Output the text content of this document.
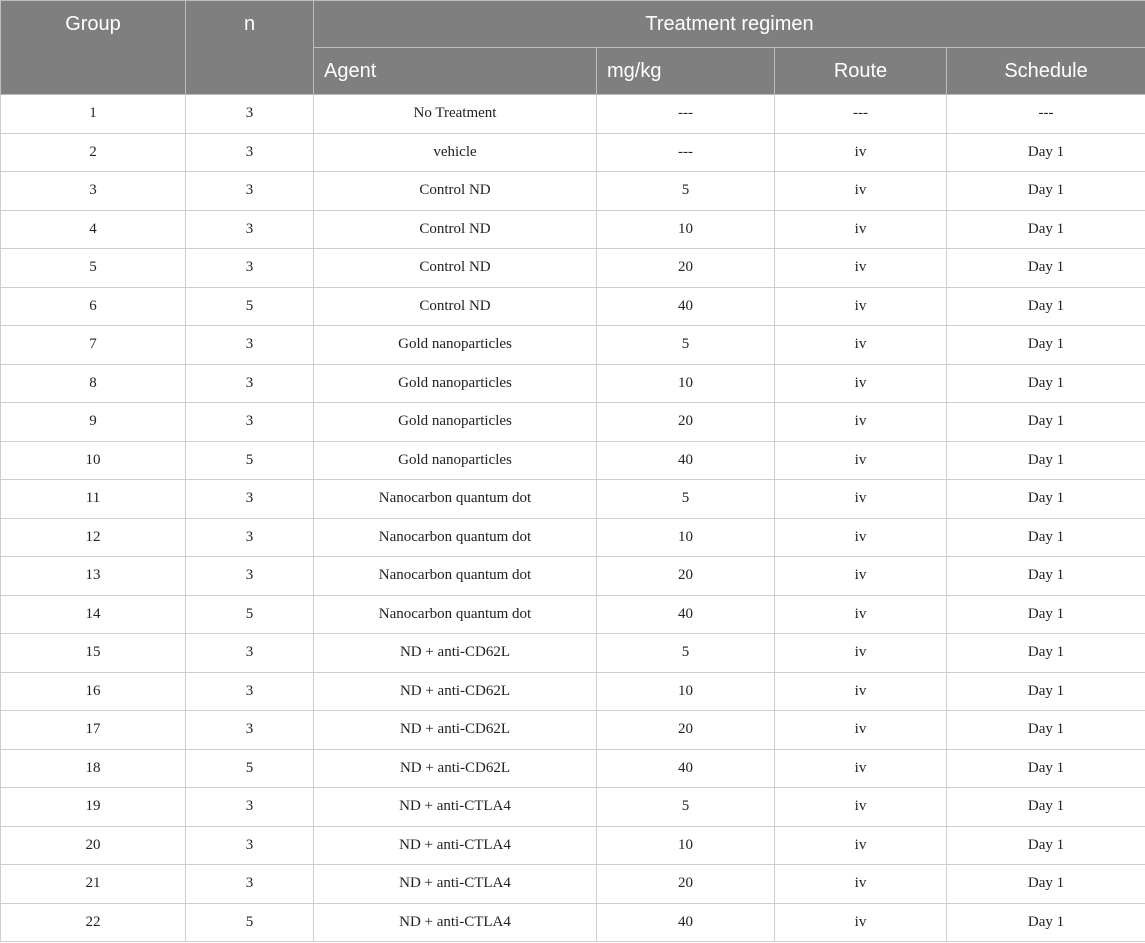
Group	n	Treatment regimen			
		Agent	mg/kg	Route	Schedule
1	3	No Treatment	---	---	---
2	3	vehicle	---	iv	Day 1
3	3	Control ND	5	iv	Day 1
4	3	Control ND	10	iv	Day 1
5	3	Control ND	20	iv	Day 1
6	5	Control ND	40	iv	Day 1
7	3	Gold nanoparticles	5	iv	Day 1
8	3	Gold nanoparticles	10	iv	Day 1
9	3	Gold nanoparticles	20	iv	Day 1
10	5	Gold nanoparticles	40	iv	Day 1
11	3	Nanocarbon quantum dot	5	iv	Day 1
12	3	Nanocarbon quantum dot	10	iv	Day 1
13	3	Nanocarbon quantum dot	20	iv	Day 1
14	5	Nanocarbon quantum dot	40	iv	Day 1
15	3	ND + anti-CD62L	5	iv	Day 1
16	3	ND + anti-CD62L	10	iv	Day 1
17	3	ND + anti-CD62L	20	iv	Day 1
18	5	ND + anti-CD62L	40	iv	Day 1
19	3	ND + anti-CTLA4	5	iv	Day 1
20	3	ND + anti-CTLA4	10	iv	Day 1
21	3	ND + anti-CTLA4	20	iv	Day 1
22	5	ND + anti-CTLA4	40	iv	Day 1
